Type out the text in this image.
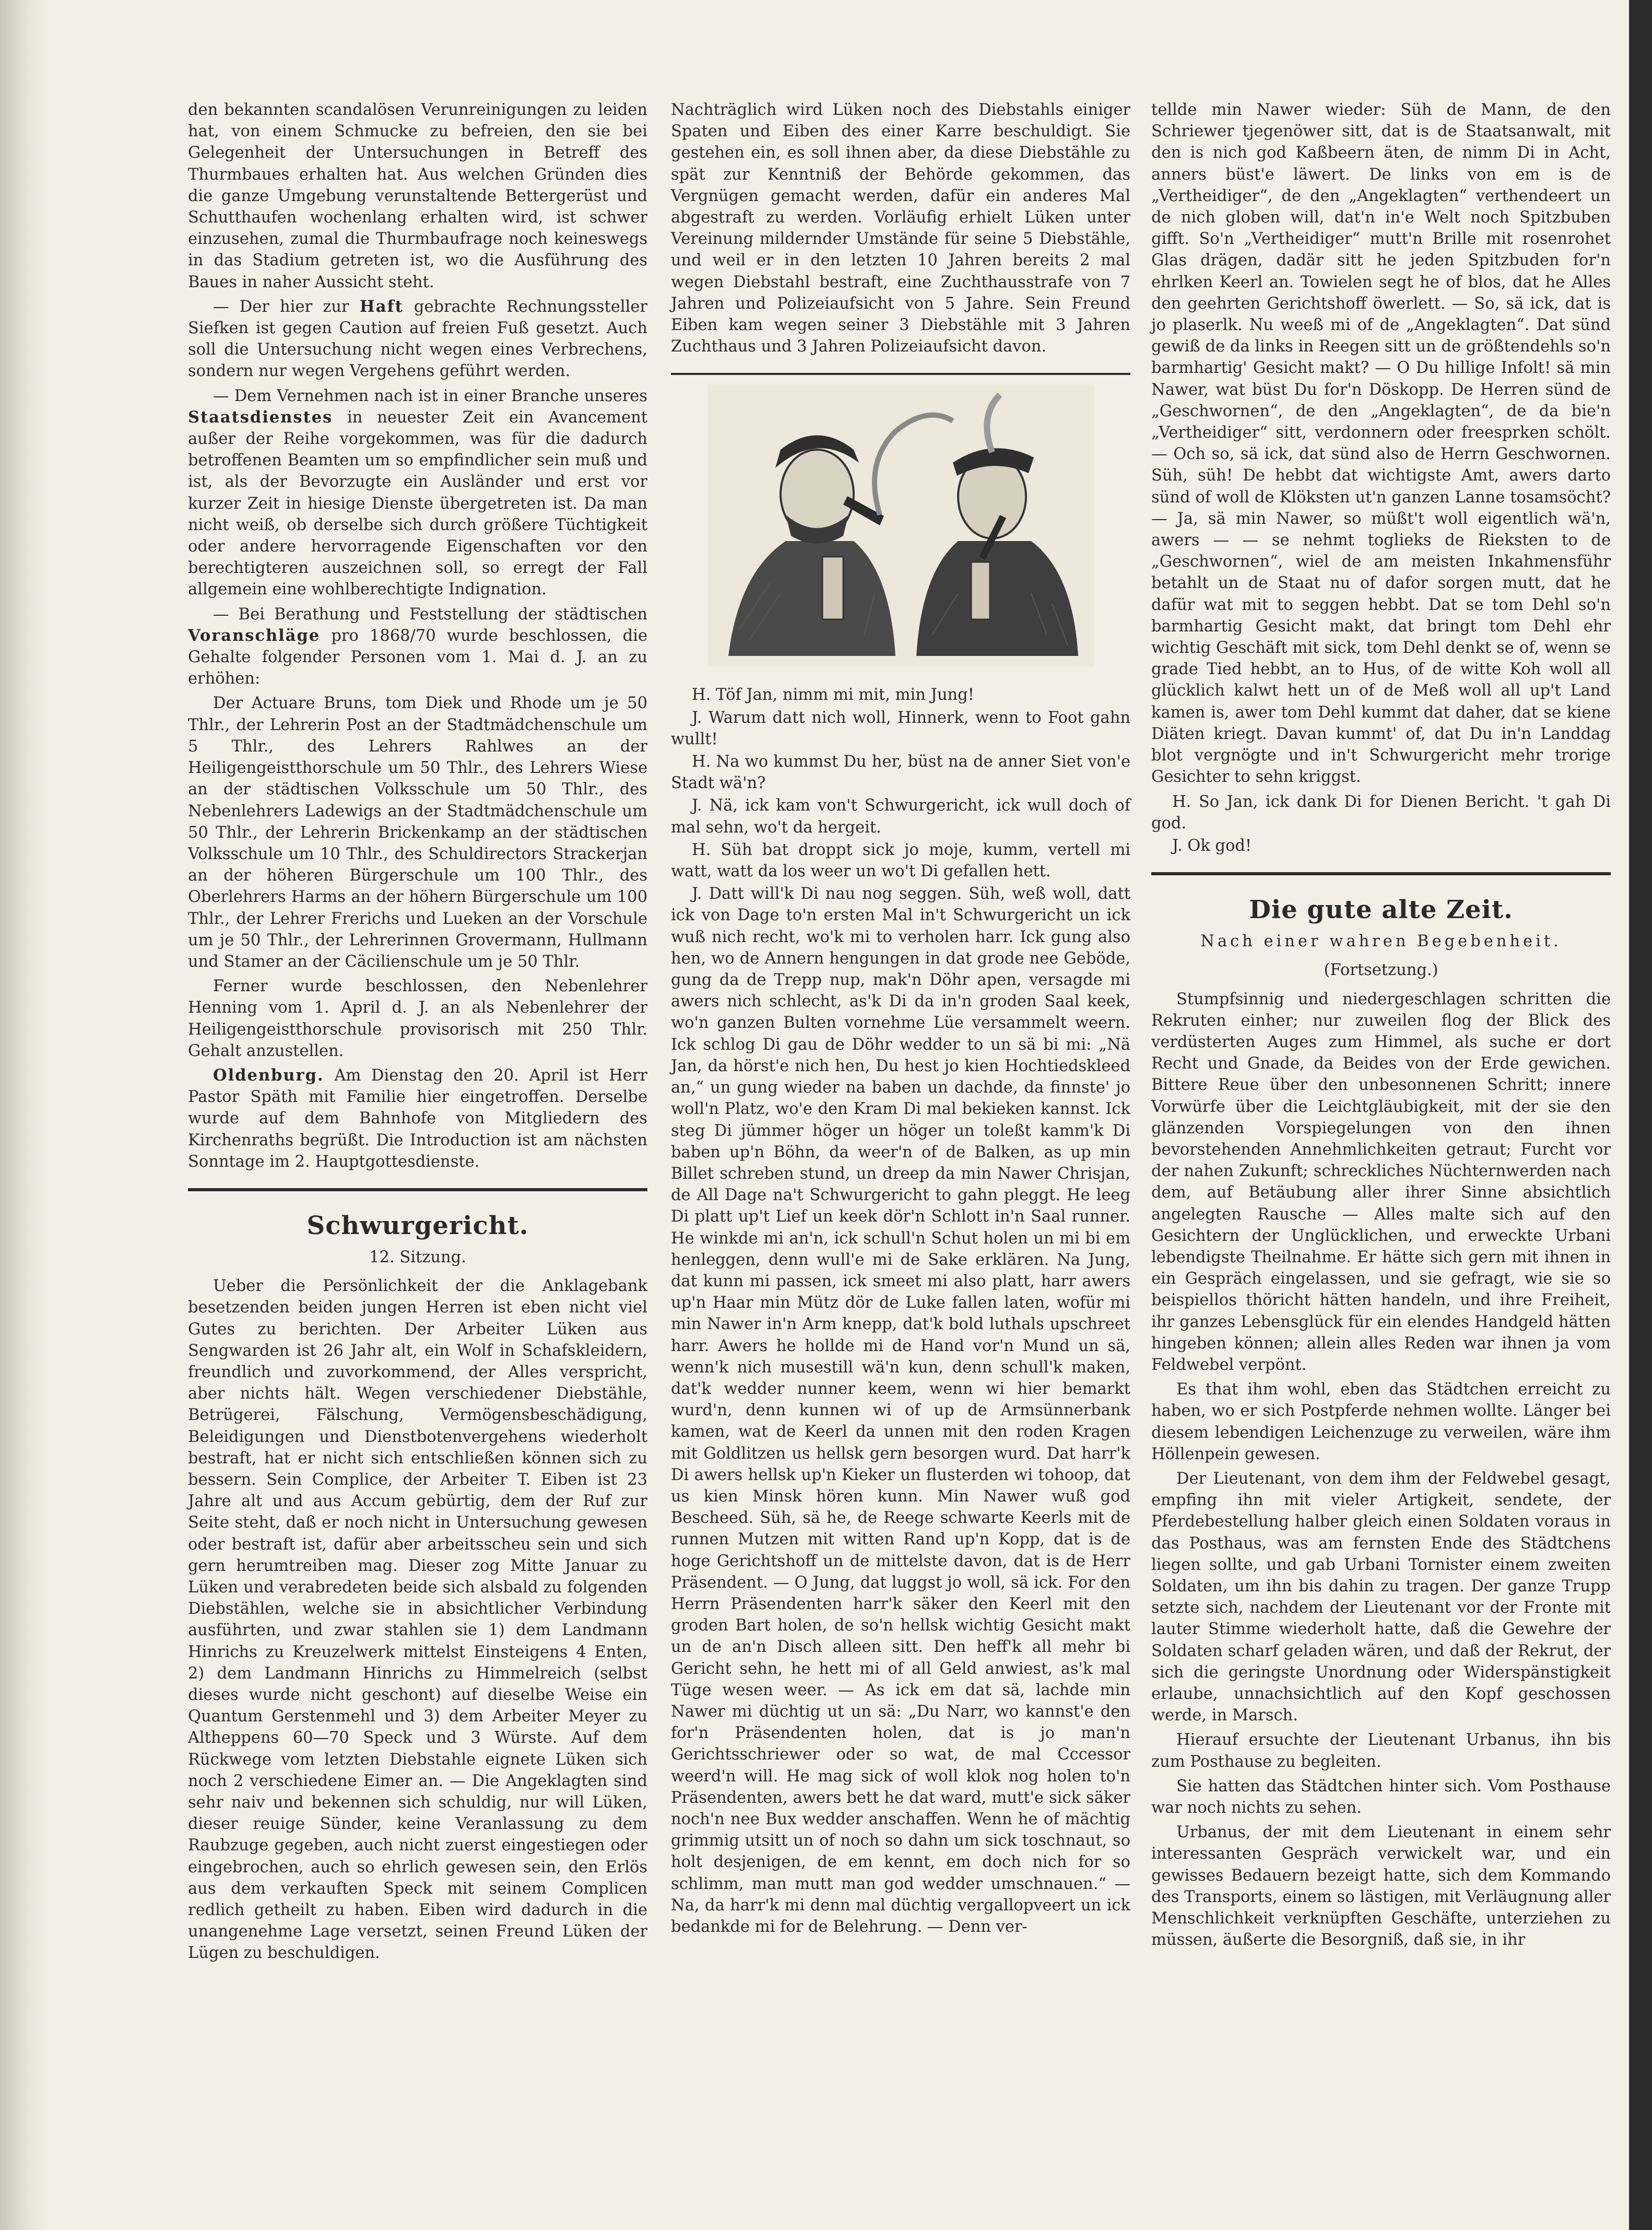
den bekannten scandalösen Verunreinigungen zu leiden hat, von einem Schmucke zu befreien, den sie bei Gelegenheit der Untersuchungen in Betreff des Thurmbaues erhalten hat. Aus welchen Gründen dies die ganze Umgebung verunstaltende Bettergerüst und Schutthaufen wochenlang erhalten wird, ist schwer einzusehen, zumal die Thurmbaufrage noch keineswegs in das Stadium getreten ist, wo die Ausführung des Baues in naher Aussicht steht.

— Der hier zur Haft gebrachte Rechnungssteller Siefken ist gegen Caution auf freien Fuß gesetzt. Auch soll die Untersuchung nicht wegen eines Verbrechens, sondern nur wegen Vergehens geführt werden.

— Dem Vernehmen nach ist in einer Branche unseres Staatsdienstes in neuester Zeit ein Avancement außer der Reihe vorgekommen, was für die dadurch betroffenen Beamten um so empfindlicher sein muß und ist, als der Bevorzugte ein Ausländer und erst vor kurzer Zeit in hiesige Dienste übergetreten ist. Da man nicht weiß, ob derselbe sich durch größere Tüchtigkeit oder andere hervorragende Eigenschaften vor den berechtigteren auszeichnen soll, so erregt der Fall allgemein eine wohlberechtigte Indignation.

— Bei Berathung und Feststellung der städtischen Voranschläge pro 1868/70 wurde beschlossen, die Gehalte folgender Personen vom 1. Mai d. J. an zu erhöhen:

Der Actuare Bruns, tom Diek und Rhode um je 50 Thlr., der Lehrerin Post an der Stadtmädchenschule um 5 Thlr., des Lehrers Rahlwes an der Heiligengeistthorschule um 50 Thlr., des Lehrers Wiese an der städtischen Volksschule um 50 Thlr., des Nebenlehrers Ladewigs an der Stadtmädchenschule um 50 Thlr., der Lehrerin Brickenkamp an der städtischen Volksschule um 10 Thlr., des Schuldirectors Strackerjan an der höheren Bürgerschule um 100 Thlr., des Oberlehrers Harms an der höhern Bürgerschule um 100 Thlr., der Lehrer Frerichs und Lueken an der Vorschule um je 50 Thlr., der Lehrerinnen Grovermann, Hullmann und Stamer an der Cäcilienschule um je 50 Thlr.

Ferner wurde beschlossen, den Nebenlehrer Henning vom 1. April d. J. an als Nebenlehrer der Heiligengeistthorschule provisorisch mit 250 Thlr. Gehalt anzustellen.

Oldenburg. Am Dienstag den 20. April ist Herr Pastor Späth mit Familie hier eingetroffen. Derselbe wurde auf dem Bahnhofe von Mitgliedern des Kirchenraths begrüßt. Die Introduction ist am nächsten Sonntage im 2. Hauptgottesdienste.

Schwurgericht.
12. Sitzung.

Ueber die Persönlichkeit der die Anklagebank besetzenden beiden jungen Herren ist eben nicht viel Gutes zu berichten. Der Arbeiter Lüken aus Sengwarden ist 26 Jahr alt, ein Wolf in Schafskleidern, freundlich und zuvorkommend, der Alles verspricht, aber nichts hält. Wegen verschiedener Diebstähle, Betrügerei, Fälschung, Vermögensbeschädigung, Beleidigungen und Dienstbotenvergehens wiederholt bestraft, hat er nicht sich entschließen können sich zu bessern. Sein Complice, der Arbeiter T. Eiben ist 23 Jahre alt und aus Accum gebürtig, dem der Ruf zur Seite steht, daß er noch nicht in Untersuchung gewesen oder bestraft ist, dafür aber arbeitsscheu sein und sich gern herumtreiben mag. Dieser zog Mitte Januar zu Lüken und verabredeten beide sich alsbald zu folgenden Diebstählen, welche sie in absichtlicher Verbindung ausführten, und zwar stahlen sie 1) dem Landmann Hinrichs zu Kreuzelwerk mittelst Einsteigens 4 Enten, 2) dem Landmann Hinrichs zu Himmelreich (selbst dieses wurde nicht geschont) auf dieselbe Weise ein Quantum Gerstenmehl und 3) dem Arbeiter Meyer zu Altheppens 60—70 Speck und 3 Würste. Auf dem Rückwege vom letzten Diebstahle eignete Lüken sich noch 2 verschiedene Eimer an. — Die Angeklagten sind sehr naiv und bekennen sich schuldig, nur will Lüken, dieser reuige Sünder, keine Veranlassung zu dem Raubzuge gegeben, auch nicht zuerst eingestiegen oder eingebrochen, auch so ehrlich gewesen sein, den Erlös aus dem verkauften Speck mit seinem Complicen redlich getheilt zu haben. Eiben wird dadurch in die unangenehme Lage versetzt, seinen Freund Lüken der Lügen zu beschuldigen.

Nachträglich wird Lüken noch des Diebstahls einiger Spaten und Eiben des einer Karre beschuldigt. Sie gestehen ein, es soll ihnen aber, da diese Diebstähle zu spät zur Kenntniß der Behörde gekommen, das Vergnügen gemacht werden, dafür ein anderes Mal abgestraft zu werden. Vorläufig erhielt Lüken unter Vereinung mildernder Umstände für seine 5 Diebstähle, und weil er in den letzten 10 Jahren bereits 2 mal wegen Diebstahl bestraft, eine Zuchthausstrafe von 7 Jahren und Polizeiaufsicht von 5 Jahre. Sein Freund Eiben kam wegen seiner 3 Diebstähle mit 3 Jahren Zuchthaus und 3 Jahren Polizeiaufsicht davon.

H. Töf Jan, nimm mi mit, min Jung!

J. Warum datt nich woll, Hinnerk, wenn to Foot gahn wullt!

H. Na wo kummst Du her, büst na de anner Siet von'e Stadt wä'n?

J. Nä, ick kam von't Schwurgericht, ick wull doch of mal sehn, wo't da hergeit.

H. Süh bat droppt sick jo moje, kumm, vertell mi watt, watt da los weer un wo't Di gefallen hett.

J. Datt will'k Di nau nog seggen. Süh, weß woll, datt ick von Dage to'n ersten Mal in't Schwurgericht un ick wuß nich recht, wo'k mi to verholen harr. Ick gung also hen, wo de Annern hengungen in dat grode nee Geböde, gung da de Trepp nup, mak'n Döhr apen, versagde mi awers nich schlecht, as'k Di da in'n groden Saal keek, wo'n ganzen Bulten vornehme Lüe versammelt weern. Ick schlog Di gau de Döhr wedder to un sä bi mi: „Nä Jan, da hörst'e nich hen, Du hest jo kien Hochtiedskleed an,“ un gung wieder na baben un dachde, da finnste' jo woll'n Platz, wo'e den Kram Di mal bekieken kannst. Ick steg Di jümmer höger un höger un toleßt kamm'k Di baben up'n Böhn, da weer'n of de Balken, as up min Billet schreben stund, un dreep da min Nawer Chrisjan, de All Dage na't Schwurgericht to gahn pleggt. He leeg Di platt up't Lief un keek dör'n Schlott in'n Saal runner. He winkde mi an'n, ick schull'n Schut holen un mi bi em henleggen, denn wull'e mi de Sake erklären. Na Jung, dat kunn mi passen, ick smeet mi also platt, harr awers up'n Haar min Mütz dör de Luke fallen laten, wofür mi min Nawer in'n Arm knepp, dat'k bold luthals upschreet harr. Awers he hollde mi de Hand vor'n Mund un sä, wenn'k nich musestill wä'n kun, denn schull'k maken, dat'k wedder nunner keem, wenn wi hier bemarkt wurd'n, denn kunnen wi of up de Armsünnerbank kamen, wat de Keerl da unnen mit den roden Kragen mit Goldlitzen us hellsk gern besorgen wurd. Dat harr'k Di awers hellsk up'n Kieker un flusterden wi tohoop, dat us kien Minsk hören kunn. Min Nawer wuß god Bescheed. Süh, sä he, de Reege schwarte Keerls mit de runnen Mutzen mit witten Rand up'n Kopp, dat is de hoge Gerichtshoff un de mittelste davon, dat is de Herr Präsendent. — O Jung, dat luggst jo woll, sä ick. For den Herrn Präsendenten harr'k säker den Keerl mit den groden Bart holen, de so'n hellsk wichtig Gesicht makt un de an'n Disch alleen sitt. Den heff'k all mehr bi Gericht sehn, he hett mi of all Geld anwiest, as'k mal Tüge wesen weer. — As ick em dat sä, lachde min Nawer mi düchtig ut un sä: „Du Narr, wo kannst'e den for'n Präsendenten holen, dat is jo man'n Gerichtsschriewer oder so wat, de mal Cccessor weerd'n will. He mag sick of woll klok nog holen to'n Präsendenten, awers bett he dat ward, mutt'e sick säker noch'n nee Bux wedder anschaffen. Wenn he of mächtig grimmig utsitt un of noch so dahn um sick toschnaut, so holt desjenigen, de em kennt, em doch nich for so schlimm, man mutt man god wedder umschnauen.“ — Na, da harr'k mi denn mal düchtig vergallopveert un ick bedankde mi for de Belehrung. — Denn ver-

tellde min Nawer wieder: Süh de Mann, de den Schriewer tjegenöwer sitt, dat is de Staatsanwalt, mit den is nich god Kaßbeern äten, de nimm Di in Acht, anners büst'e läwert. De links von em is de „Vertheidiger“, de den „Angeklagten“ verthendeert un de nich globen will, dat'n in'e Welt noch Spitzbuben gifft. So'n „Vertheidiger“ mutt'n Brille mit rosenrohet Glas drägen, dadär sitt he jeden Spitzbuden for'n ehrlken Keerl an. Towielen segt he of blos, dat he Alles den geehrten Gerichtshoff öwerlett. — So, sä ick, dat is jo plaserlk. Nu weeß mi of de „Angeklagten“. Dat sünd gewiß de da links in Reegen sitt un de größtendehls so'n barmhartig' Gesicht makt? — O Du hillige Infolt! sä min Nawer, wat büst Du for'n Döskopp. De Herren sünd de „Geschwornen“, de den „Angeklagten“, de da bie'n „Vertheidiger“ sitt, verdonnern oder freesprken schölt. — Och so, sä ick, dat sünd also de Herrn Geschwornen. Süh, süh! De hebbt dat wichtigste Amt, awers darto sünd of woll de Klöksten ut'n ganzen Lanne tosamsöcht? — Ja, sä min Nawer, so müßt't woll eigentlich wä'n, awers — — se nehmt toglieks de Rieksten to de „Geschwornen“, wiel de am meisten Inkahmensführ betahlt un de Staat nu of dafor sorgen mutt, dat he dafür wat mit to seggen hebbt. Dat se tom Dehl so'n barmhartig Gesicht makt, dat bringt tom Dehl ehr wichtig Geschäft mit sick, tom Dehl denkt se of, wenn se grade Tied hebbt, an to Hus, of de witte Koh woll all glücklich kalwt hett un of de Meß woll all up't Land kamen is, awer tom Dehl kummt dat daher, dat se kiene Diäten kriegt. Davan kummt' of, dat Du in'n Landdag blot vergnögte und in't Schwurgericht mehr trorige Gesichter to sehn kriggst.

H. So Jan, ick dank Di for Dienen Bericht. 't gah Di god.

J. Ok god!

Die gute alte Zeit.
Nach einer wahren Begebenheit.
(Fortsetzung.)

Stumpfsinnig und niedergeschlagen schritten die Rekruten einher; nur zuweilen flog der Blick des verdüsterten Auges zum Himmel, als suche er dort Recht und Gnade, da Beides von der Erde gewichen. Bittere Reue über den unbesonnenen Schritt; innere Vorwürfe über die Leichtgläubigkeit, mit der sie den glänzenden Vorspiegelungen von den ihnen bevorstehenden Annehmlichkeiten getraut; Furcht vor der nahen Zukunft; schreckliches Nüchternwerden nach dem, auf Betäubung aller ihrer Sinne absichtlich angelegten Rausche — Alles malte sich auf den Gesichtern der Unglücklichen, und erweckte Urbani lebendigste Theilnahme. Er hätte sich gern mit ihnen in ein Gespräch eingelassen, und sie gefragt, wie sie so beispiellos thöricht hätten handeln, und ihre Freiheit, ihr ganzes Lebensglück für ein elendes Handgeld hätten hingeben können; allein alles Reden war ihnen ja vom Feldwebel verpönt.

Es that ihm wohl, eben das Städtchen erreicht zu haben, wo er sich Postpferde nehmen wollte. Länger bei diesem lebendigen Leichenzuge zu verweilen, wäre ihm Höllenpein gewesen.

Der Lieutenant, von dem ihm der Feldwebel gesagt, empfing ihn mit vieler Artigkeit, sendete, der Pferdebestellung halber gleich einen Soldaten voraus in das Posthaus, was am fernsten Ende des Städtchens liegen sollte, und gab Urbani Tornister einem zweiten Soldaten, um ihn bis dahin zu tragen. Der ganze Trupp setzte sich, nachdem der Lieutenant vor der Fronte mit lauter Stimme wiederholt hatte, daß die Gewehre der Soldaten scharf geladen wären, und daß der Rekrut, der sich die geringste Unordnung oder Widerspänstigkeit erlaube, unnachsichtlich auf den Kopf geschossen werde, in Marsch.

Hierauf ersuchte der Lieutenant Urbanus, ihn bis zum Posthause zu begleiten.

Sie hatten das Städtchen hinter sich. Vom Posthause war noch nichts zu sehen.

Urbanus, der mit dem Lieutenant in einem sehr interessanten Gespräch verwickelt war, und ein gewisses Bedauern bezeigt hatte, sich dem Kommando des Transports, einem so lästigen, mit Verläugnung aller Menschlichkeit verknüpften Geschäfte, unterziehen zu müssen, äußerte die Besorgniß, daß sie, in ihr
